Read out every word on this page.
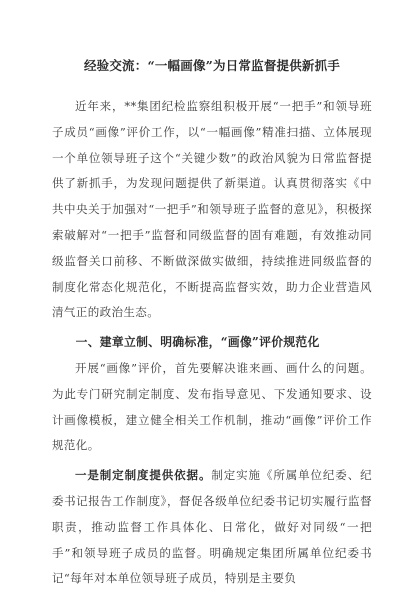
经验交流：“一幅画像”为日常监督提供新抓手

近年来，**集团纪检监察组积极开展“一把手”和领导班子成员“画像”评价工作，以“一幅画像”精准扫描、立体展现一个单位领导班子这个“关键少数”的政治风貌为日常监督提供了新抓手，为发现问题提供了新渠道。认真贯彻落实《中共中央关于加强对“一把手”和领导班子监督的意见》，积极探索破解对“一把手”监督和同级监督的固有难题，有效推动同级监督关口前移、不断做深做实做细，持续推进同级监督的制度化常态化规范化，不断提高监督实效，助力企业营造风清气正的政治生态。

一、建章立制、明确标准，“画像”评价规范化

开展“画像”评价，首先要解决谁来画、画什么的问题。为此专门研究制定制度、发布指导意见、下发通知要求、设计画像模板，建立健全相关工作机制，推动“画像”评价工作规范化。

一是制定制度提供依据。制定实施《所属单位纪委、纪委书记报告工作制度》，督促各级单位纪委书记切实履行监督职责，推动监督工作具体化、日常化，做好对同级“一把手”和领导班子成员的监督。明确规定集团所属单位纪委书记“每年对本单位领导班子成员，特别是主要负
